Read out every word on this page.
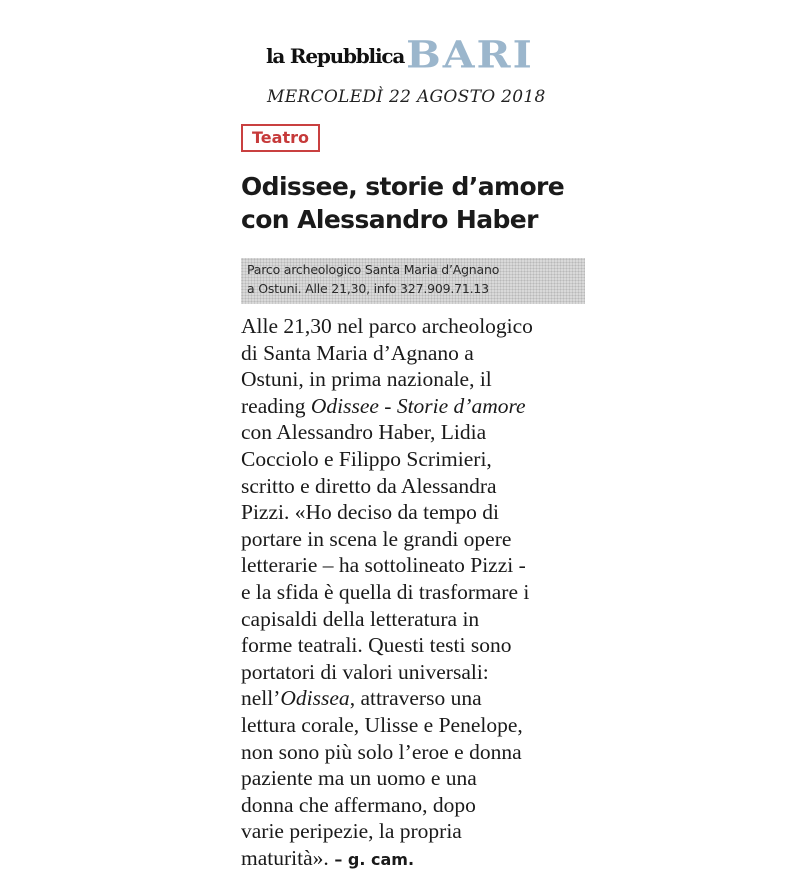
la Repubblica BARI
MERCOLEDÌ 22 AGOSTO 2018
Teatro
Odissee, storie d’amore
con Alessandro Haber
Parco archeologico Santa Maria d’Agnano
a Ostuni. Alle 21,30, info 327.909.71.13
Alle 21,30 nel parco archeologico
di Santa Maria d’Agnano a
Ostuni, in prima nazionale, il
reading Odissee - Storie d’amore
con Alessandro Haber, Lidia
Cocciolo e Filippo Scrimieri,
scritto e diretto da Alessandra
Pizzi. «Ho deciso da tempo di
portare in scena le grandi opere
letterarie – ha sottolineato Pizzi -
e la sfida è quella di trasformare i
capisaldi della letteratura in
forme teatrali. Questi testi sono
portatori di valori universali:
nell’Odissea, attraverso una
lettura corale, Ulisse e Penelope,
non sono più solo l’eroe e donna
paziente ma un uomo e una
donna che affermano, dopo
varie peripezie, la propria
maturità». – g. cam.
